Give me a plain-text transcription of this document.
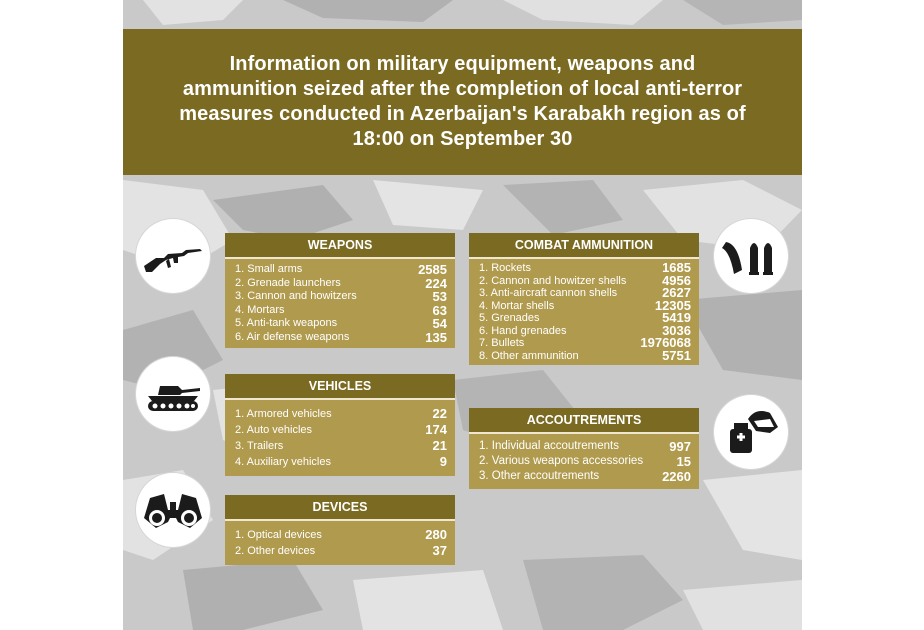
Information on military equipment, weapons and ammunition seized after the completion of local anti-terror measures conducted in Azerbaijan's Karabakh region as of 18:00 on September 30

WEAPONS
1. Small arms	2585
2. Grenade launchers	224
3. Cannon and howitzers	53
4. Mortars	63
5. Anti-tank weapons	54
6. Air defense weapons	135
VEHICLES
1. Armored vehicles	22
2. Auto vehicles	174
3. Trailers	21
4. Auxiliary vehicles	9
DEVICES
1. Optical devices	280
2. Other devices	37
COMBAT AMMUNITION
1. Rockets	1685
2. Cannon and howitzer shells	4956
3. Anti-aircraft cannon shells	2627
4. Mortar shells	12305
5. Grenades	5419
6. Hand grenades	3036
7. Bullets	1976068
8. Other ammunition	5751
ACCOUTREMENTS
1. Individual accoutrements	997
2. Various weapons accessories	15
3. Other accoutrements	2260
